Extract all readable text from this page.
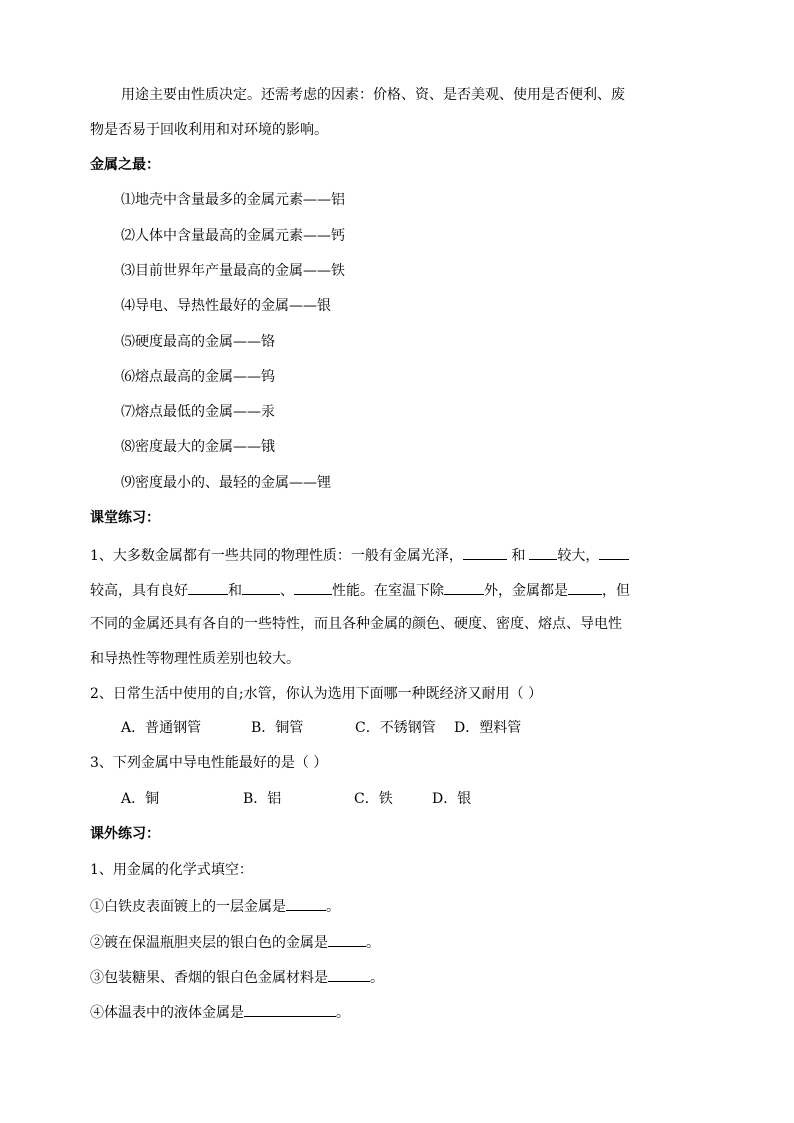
用途主要由性质决定。还需考虑的因素：价格、资、是否美观、使用是否便利、废
物是否易于回收利用和对环境的影响。
金属之最：
⑴地壳中含量最多的金属元素——铝
⑵人体中含量最高的金属元素——钙
⑶目前世界年产量最高的金属——铁
⑷导电、导热性最好的金属——银
⑸硬度最高的金属——铬
⑹熔点最高的金属——钨
⑺熔点最低的金属——汞
⑻密度最大的金属——锇
⑼密度最小的、最轻的金属——锂
课堂练习：
1、大多数金属都有一些共同的物理性质：一般有金属光泽，	和 较大，
较高，具有良好	和	、	性能。在室温下除	外，金属都是 ，但
不同的金属还具有各自的一些特性，而且各种金属的颜色、硬度、密度、熔点、导电性
和导热性等物理性质差别也较大。
2、日常生活中使用的自;水管，你认为选用下面哪一种既经济又耐用（ ）
A．普通钢管	B．铜管	C．不锈钢管 D．塑料管
3、下列金属中导电性能最好的是（ ）
A．铜	B．铝	C．铁	D．银
课外练习：
1、用金属的化学式填空：
①白铁皮表面镀上的一层金属是	。
②镀在保温瓶胆夹层的银白色的金属是	。
③包装糖果、香烟的银白色金属材料是	。
④体温表中的液体金属是	。
